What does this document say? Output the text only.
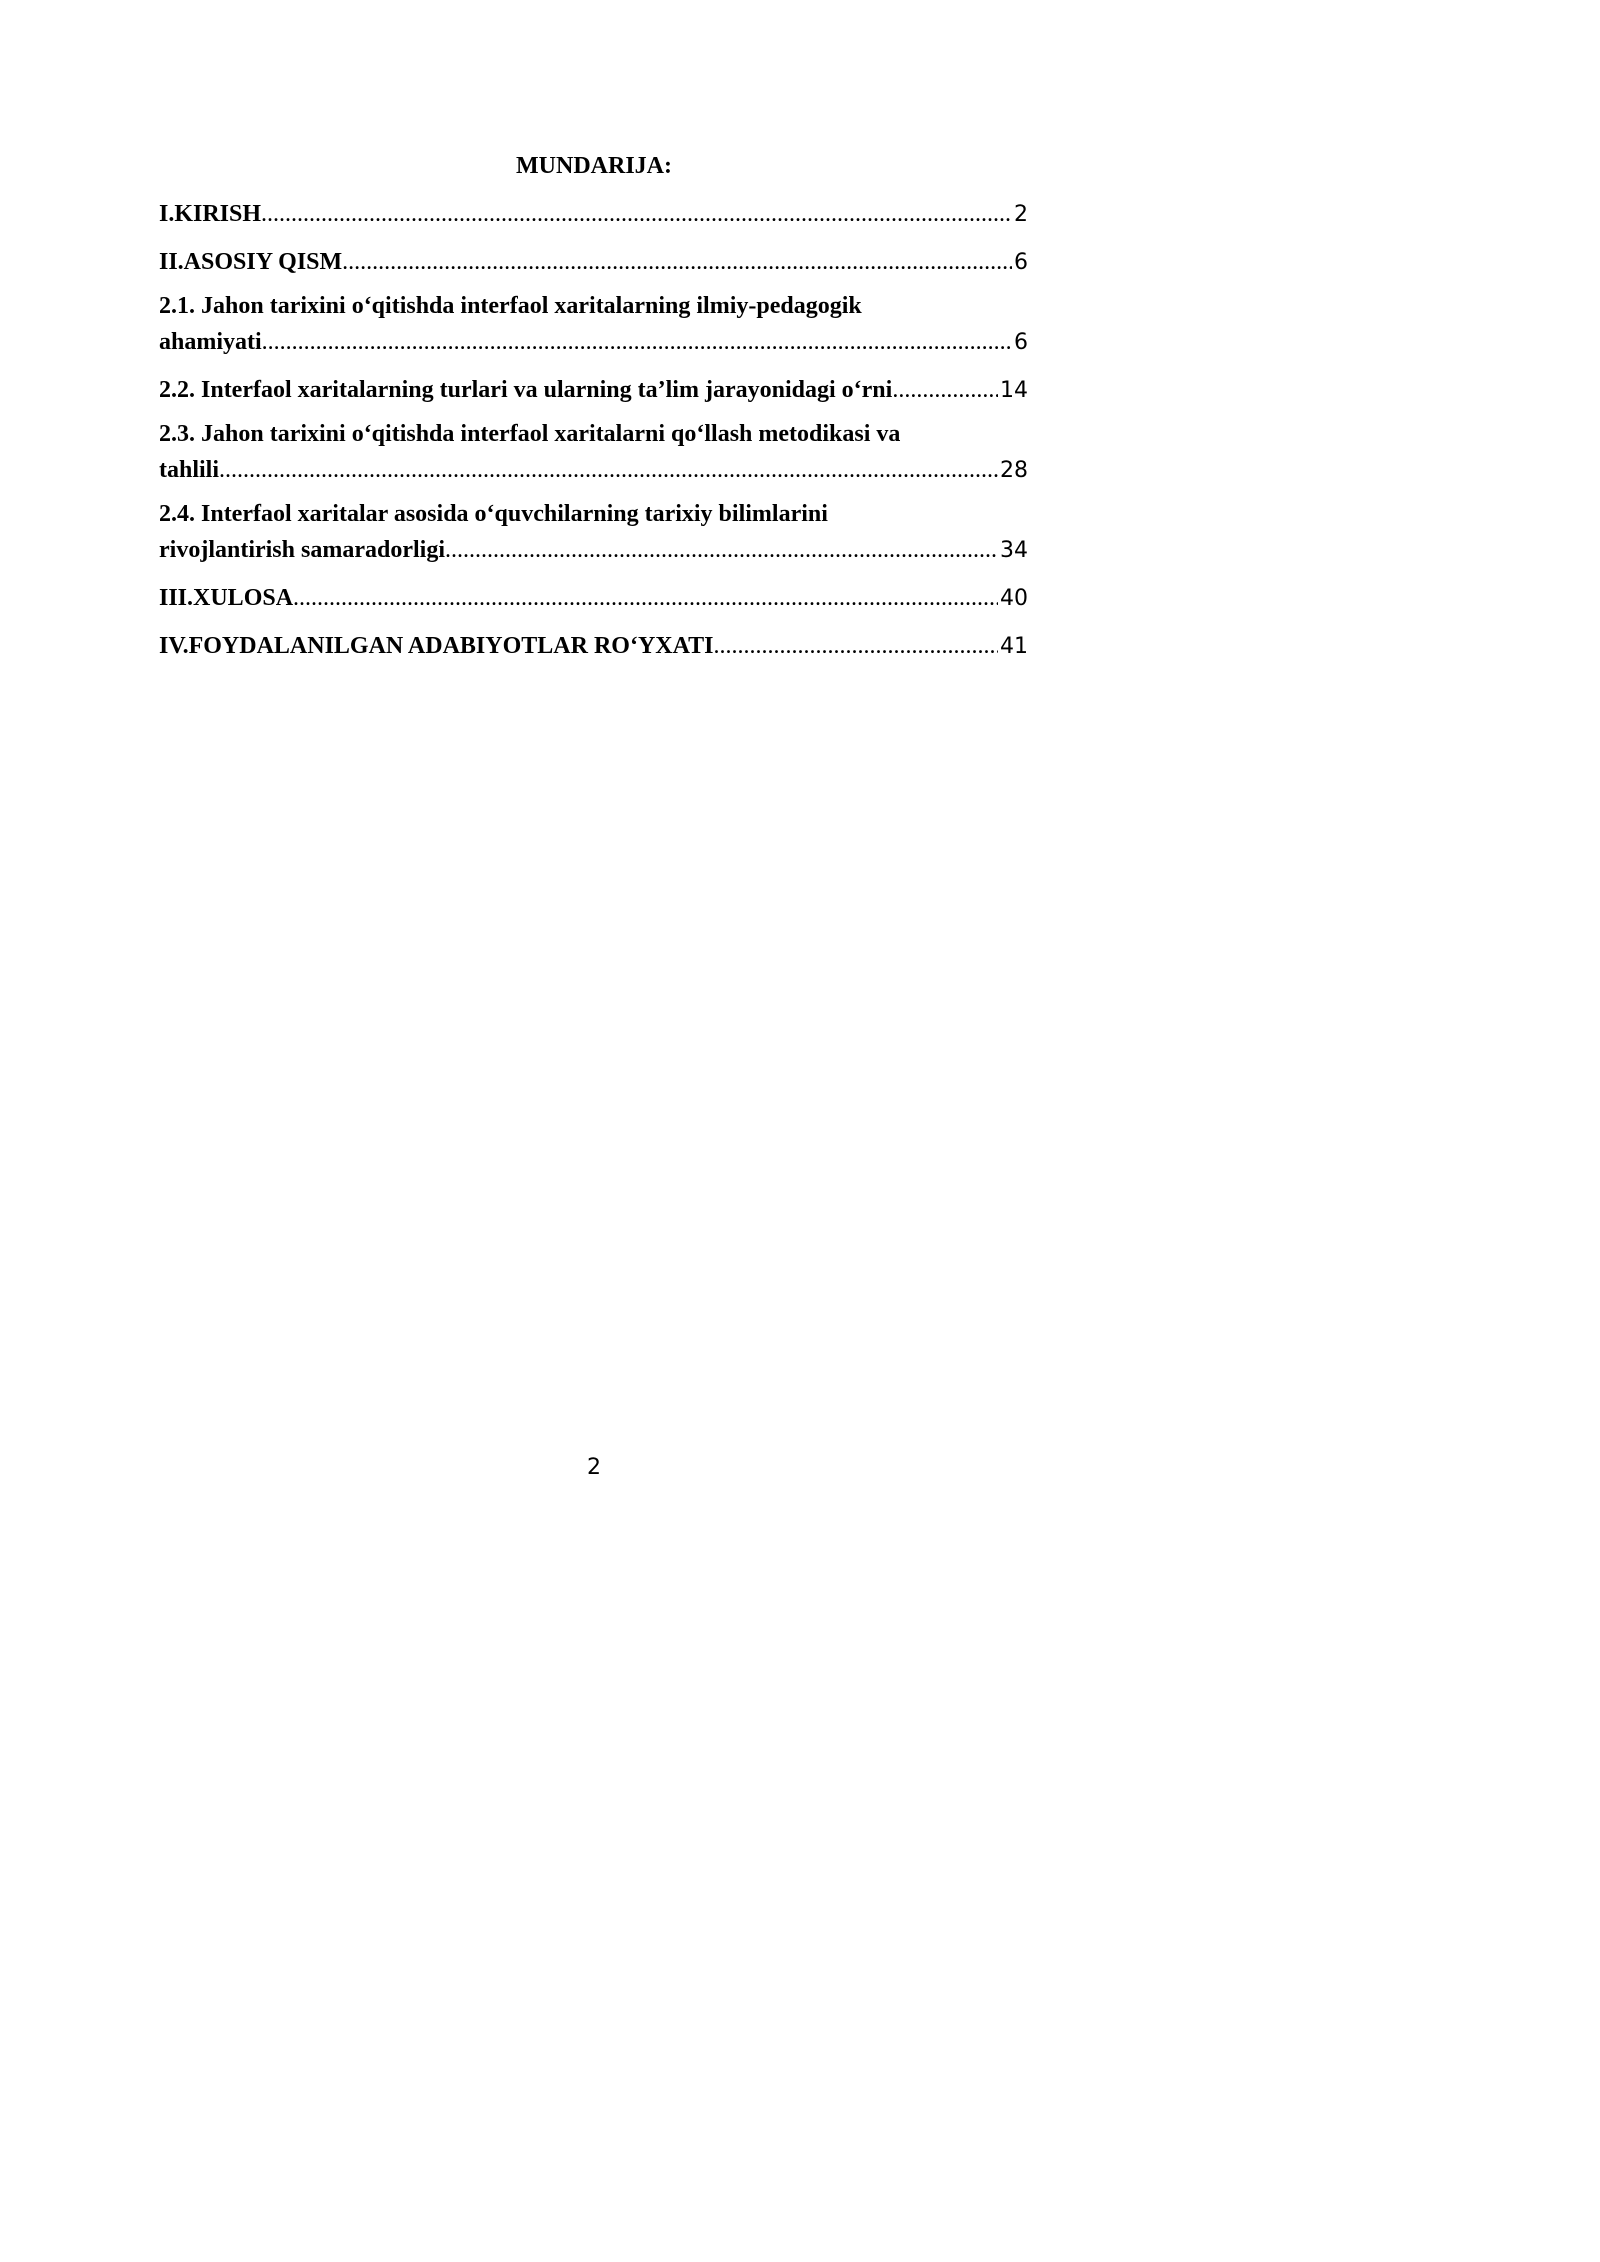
MUNDARIJA:
I.KIRISH .....	2
II.ASOSIY QISM .....	6
2.1. Jahon tarixini o‘qitishda interfaol xaritalarning ilmiy-pedagogik
ahamiyati .....	6
2.2. Interfaol xaritalarning turlari va ularning ta’lim jarayonidagi o‘rni .....	14
2.3. Jahon tarixini o‘qitishda interfaol xaritalarni qo‘llash metodikasi va
tahlili .....	28
2.4. Interfaol xaritalar asosida o‘quvchilarning tarixiy bilimlarini
rivojlantirish samaradorligi .....	34
III.XULOSA .....	40
IV.FOYDALANILGAN ADABIYOTLAR RO‘YXATI .....	41
2
